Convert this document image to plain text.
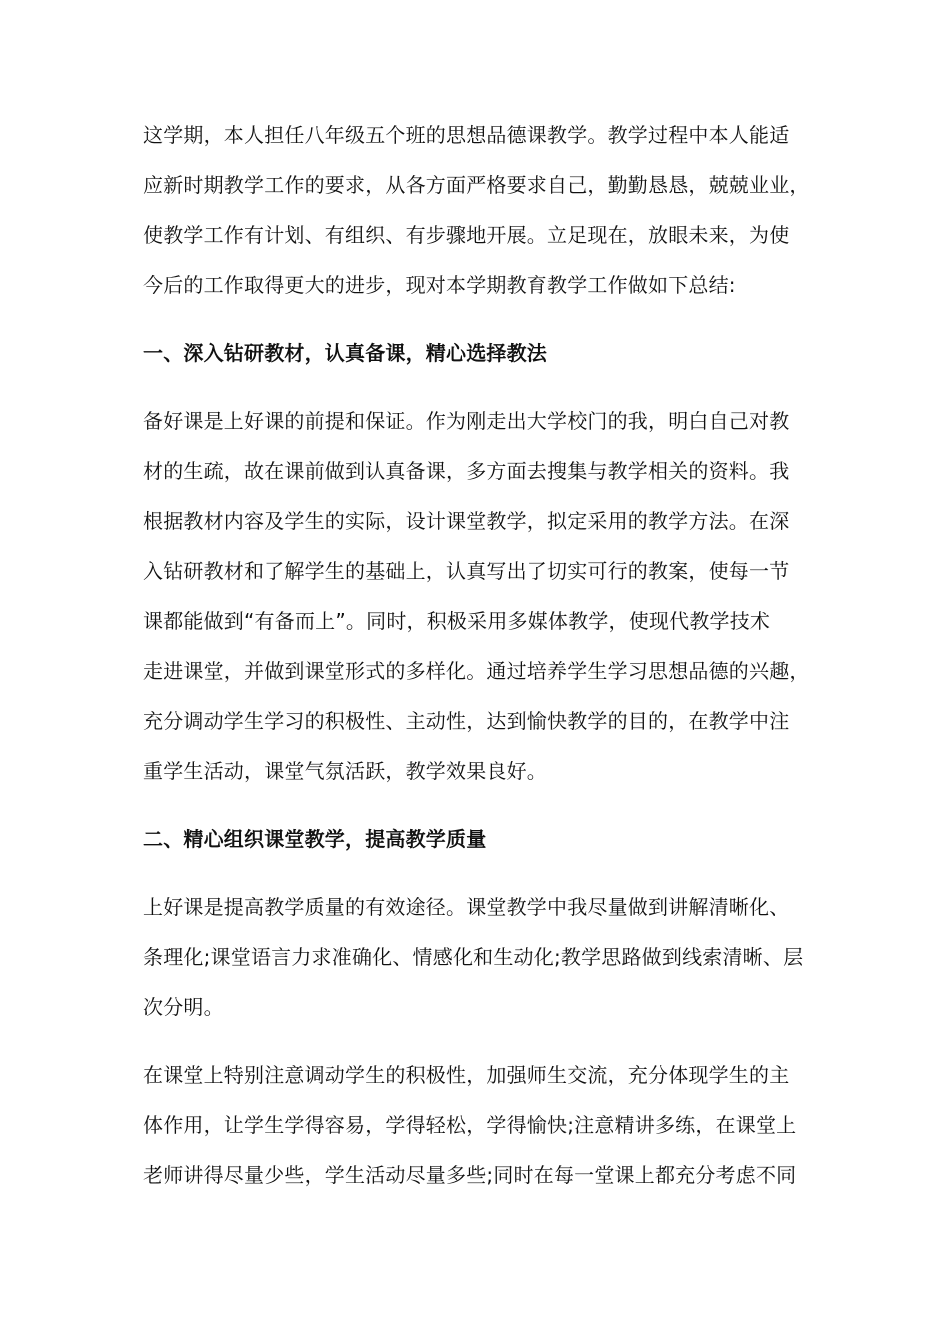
这学期，本人担任八年级五个班的思想品德课教学。教学过程中本人能适
应新时期教学工作的要求，从各方面严格要求自己，勤勤恳恳，兢兢业业，
使教学工作有计划、有组织、有步骤地开展。立足现在，放眼未来，为使
今后的工作取得更大的进步，现对本学期教育教学工作做如下总结:
一、深入钻研教材，认真备课，精心选择教法
备好课是上好课的前提和保证。作为刚走出大学校门的我，明白自己对教
材的生疏，故在课前做到认真备课，多方面去搜集与教学相关的资料。我
根据教材内容及学生的实际，设计课堂教学，拟定采用的教学方法。在深
入钻研教材和了解学生的基础上，认真写出了切实可行的教案，使每一节
课都能做到“有备而上”。同时，积极采用多媒体教学，使现代教学技术
走进课堂，并做到课堂形式的多样化。通过培养学生学习思想品德的兴趣，
充分调动学生学习的积极性、主动性，达到愉快教学的目的，在教学中注
重学生活动，课堂气氛活跃，教学效果良好。
二、精心组织课堂教学，提高教学质量
上好课是提高教学质量的有效途径。课堂教学中我尽量做到讲解清晰化、
条理化;课堂语言力求准确化、情感化和生动化;教学思路做到线索清晰、层
次分明。
在课堂上特别注意调动学生的积极性，加强师生交流，充分体现学生的主
体作用，让学生学得容易，学得轻松，学得愉快;注意精讲多练，在课堂上
老师讲得尽量少些，学生活动尽量多些;同时在每一堂课上都充分考虑不同
